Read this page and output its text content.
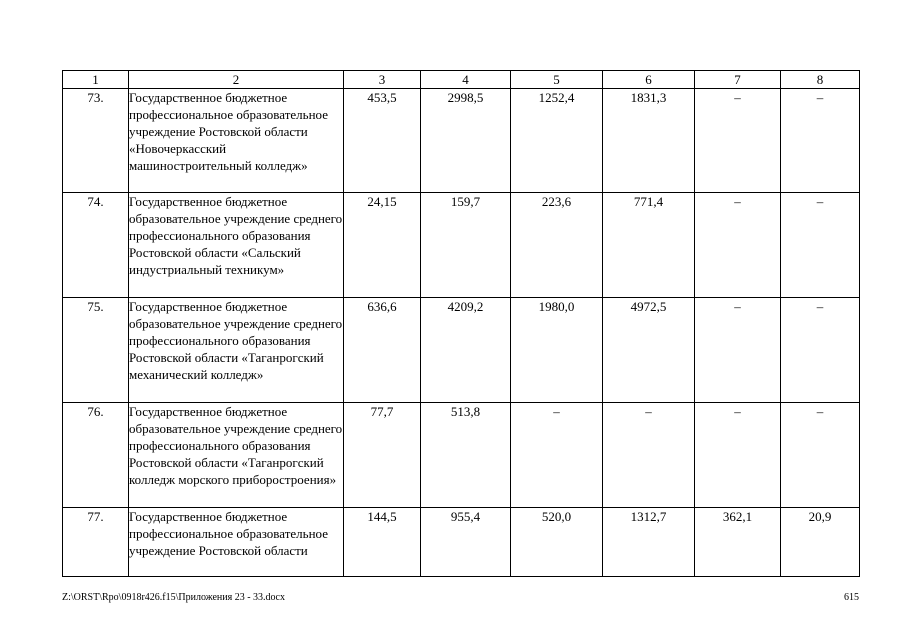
1	2	3	4	5	6	7	8
73.	Государственное бюджетное профессиональное образовательное учреждение Ростовской области «Новочеркасский машиностроительный колледж»	453,5	2998,5	1252,4	1831,3	–	–
74.	Государственное бюджетное образовательное учреждение среднего профессионального образования Ростовской области «Сальский индустриальный техникум»	24,15	159,7	223,6	771,4	–	–
75.	Государственное бюджетное образовательное учреждение среднего профессионального образования Ростовской области «Таганрогский механический колледж»	636,6	4209,2	1980,0	4972,5	–	–
76.	Государственное бюджетное образовательное учреждение среднего профессионального образования Ростовской области «Таганрогский колледж морского приборостроения»	77,7	513,8	–	–	–	–
77.	Государственное бюджетное профессиональное образовательное учреждение Ростовской области	144,5	955,4	520,0	1312,7	362,1	20,9
Z:\ORST\Rpo\0918r426.f15\Приложения 23 - 33.docx	615
